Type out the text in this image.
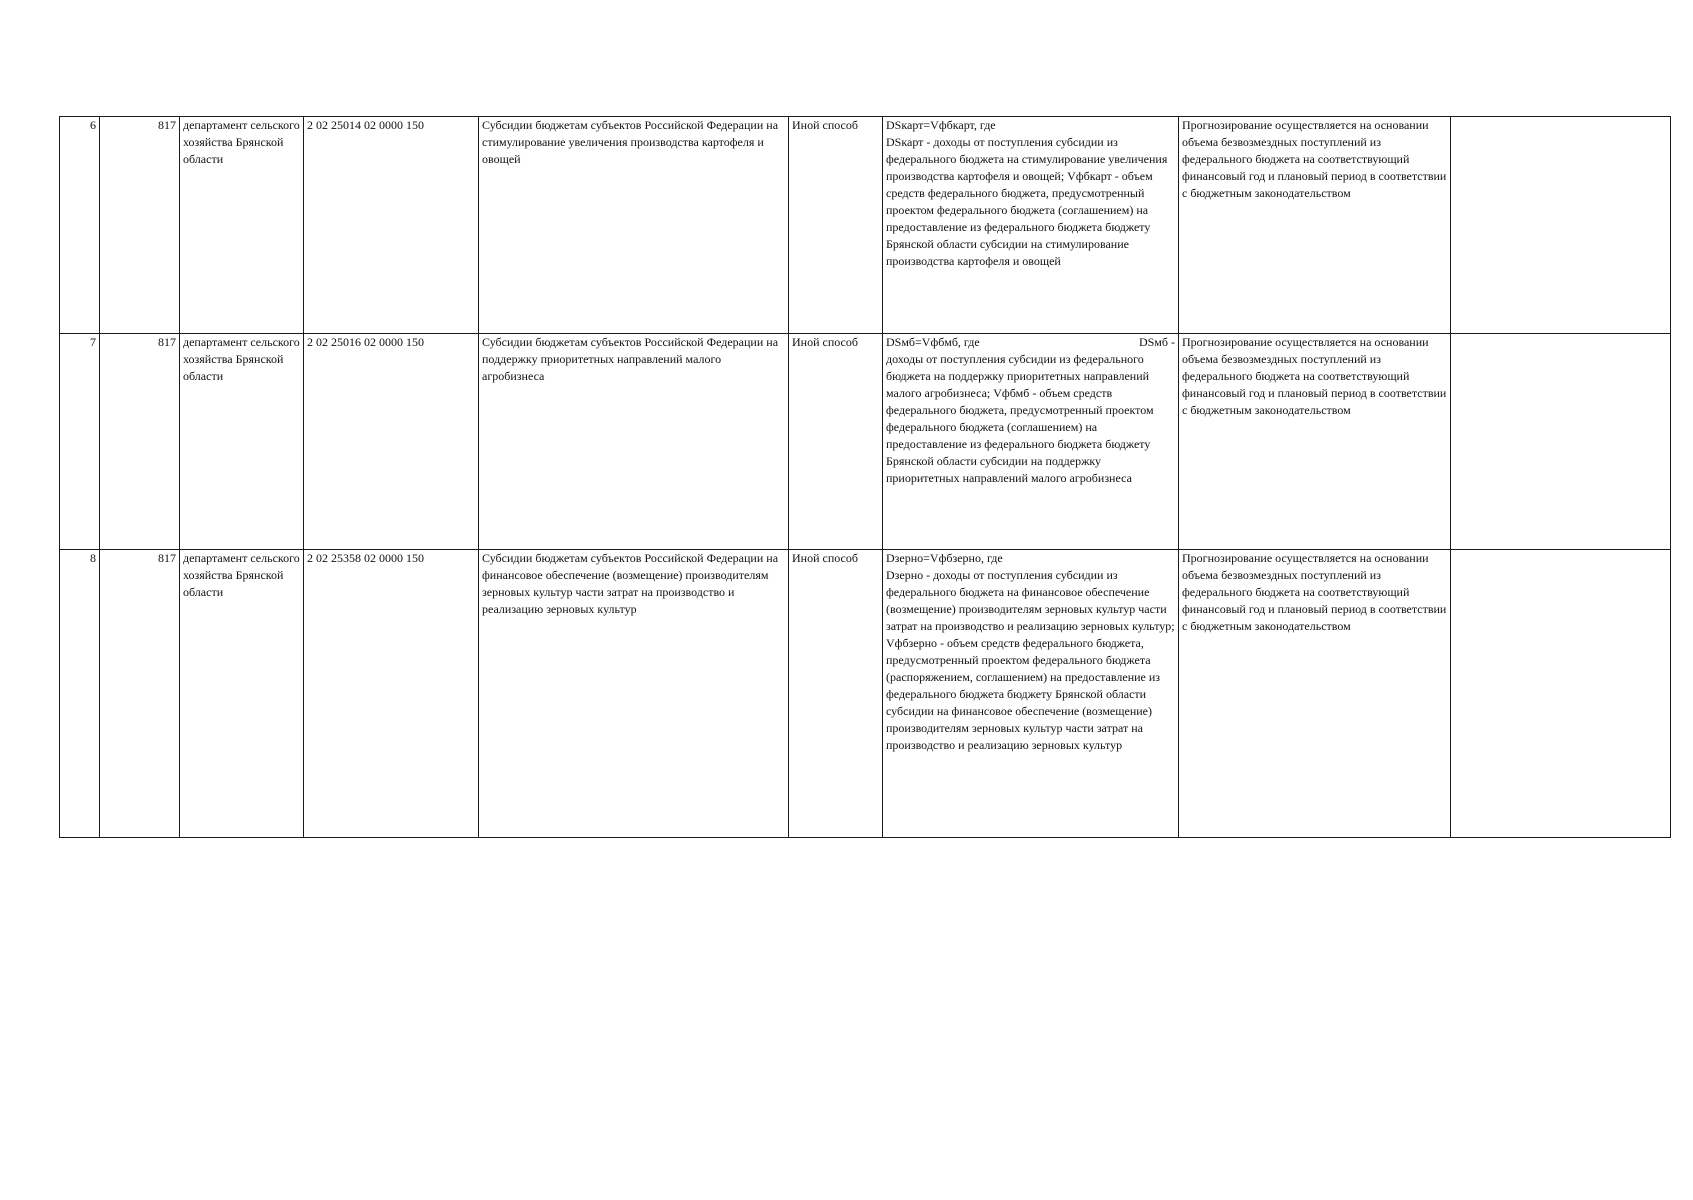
6	817	департамент сельского хозяйства Брянской области	2 02 25014 02 0000 150	Субсидии бюджетам субъектов Российской Федерации на стимулирование увеличения производства картофеля и овощей	Иной способ	DSкарт=Vфбкарт, где
DSкарт - доходы от поступления субсидии из федерального бюджета на стимулирование увеличения производства картофеля и овощей; Vфбкарт - объем средств федерального бюджета, предусмотренный проектом федерального бюджета (соглашением) на предоставление из федерального бюджета бюджету Брянской области субсидии на стимулирование производства картофеля и овощей	Прогнозирование осуществляется на основании объема безвозмездных поступлений из федерального бюджета на соответствующий финансовый год и плановый период в соответствии с бюджетным законодательством	
7	817	департамент сельского хозяйства Брянской области	2 02 25016 02 0000 150	Субсидии бюджетам субъектов Российской Федерации на поддержку приоритетных направлений малого агробизнеса	Иной способ	DSмб=Vфбмб, где DSмб -
доходы от поступления субсидии из федерального бюджета на поддержку приоритетных направлений малого агробизнеса; Vфбмб - объем средств федерального бюджета, предусмотренный проектом федерального бюджета (соглашением) на предоставление из федерального бюджета бюджету Брянской области субсидии на поддержку приоритетных направлений малого агробизнеса	Прогнозирование осуществляется на основании объема безвозмездных поступлений из федерального бюджета на соответствующий финансовый год и плановый период в соответствии с бюджетным законодательством	
8	817	департамент сельского хозяйства Брянской области	2 02 25358 02 0000 150	Субсидии бюджетам субъектов Российской Федерации на финансовое обеспечение (возмещение) производителям зерновых культур части затрат на производство и реализацию зерновых культур	Иной способ	Dзерно=Vфбзерно, где
Dзерно - доходы от поступления субсидии из федерального бюджета на финансовое обеспечение (возмещение) производителям зерновых культур части затрат на производство и реализацию зерновых культур; Vфбзерно - объем средств федерального бюджета, предусмотренный проектом федерального бюджета (распоряжением, соглашением) на предоставление из федерального бюджета бюджету Брянской области субсидии на финансовое обеспечение (возмещение) производителям зерновых культур части затрат на производство и реализацию зерновых культур	Прогнозирование осуществляется на основании объема безвозмездных поступлений из федерального бюджета на соответствующий финансовый год и плановый период в соответствии с бюджетным законодательством	
